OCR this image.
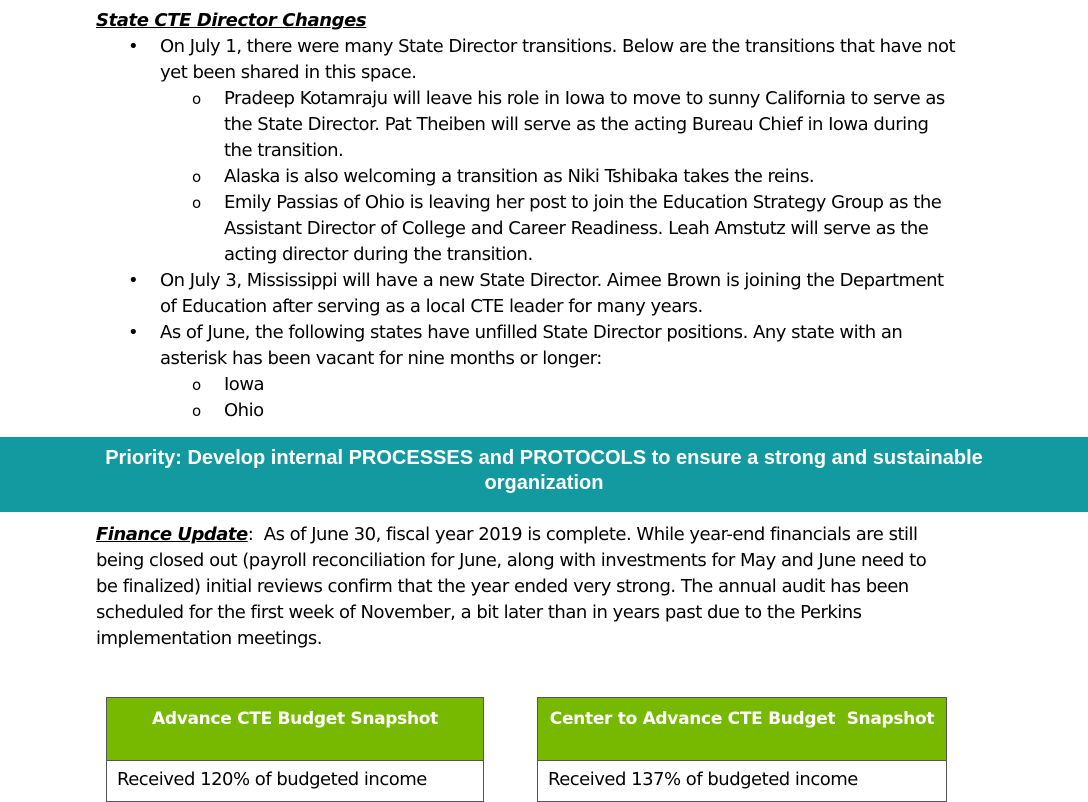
State CTE Director Changes
• On July 1, there were many State Director transitions. Below are the transitions that have not yet been shared in this space.
o Pradeep Kotamraju will leave his role in Iowa to move to sunny California to serve as the State Director. Pat Theiben will serve as the acting Bureau Chief in Iowa during the transition.
o Alaska is also welcoming a transition as Niki Tshibaka takes the reins.
o Emily Passias of Ohio is leaving her post to join the Education Strategy Group as the Assistant Director of College and Career Readiness. Leah Amstutz will serve as the acting director during the transition.
• On July 3, Mississippi will have a new State Director. Aimee Brown is joining the Department of Education after serving as a local CTE leader for many years.
• As of June, the following states have unfilled State Director positions. Any state with an asterisk has been vacant for nine months or longer:
o Iowa
o Ohio
Priority: Develop internal PROCESSES and PROTOCOLS to ensure a strong and sustainable
organization
Finance Update:  As of June 30, fiscal year 2019 is complete. While year-end financials are still being closed out (payroll reconciliation for June, along with investments for May and June need to be finalized) initial reviews confirm that the year ended very strong. The annual audit has been scheduled for the first week of November, a bit later than in years past due to the Perkins implementation meetings.
Advance CTE Budget Snapshot
Received 120% of budgeted income
Center to Advance CTE Budget  Snapshot
Received 137% of budgeted income
